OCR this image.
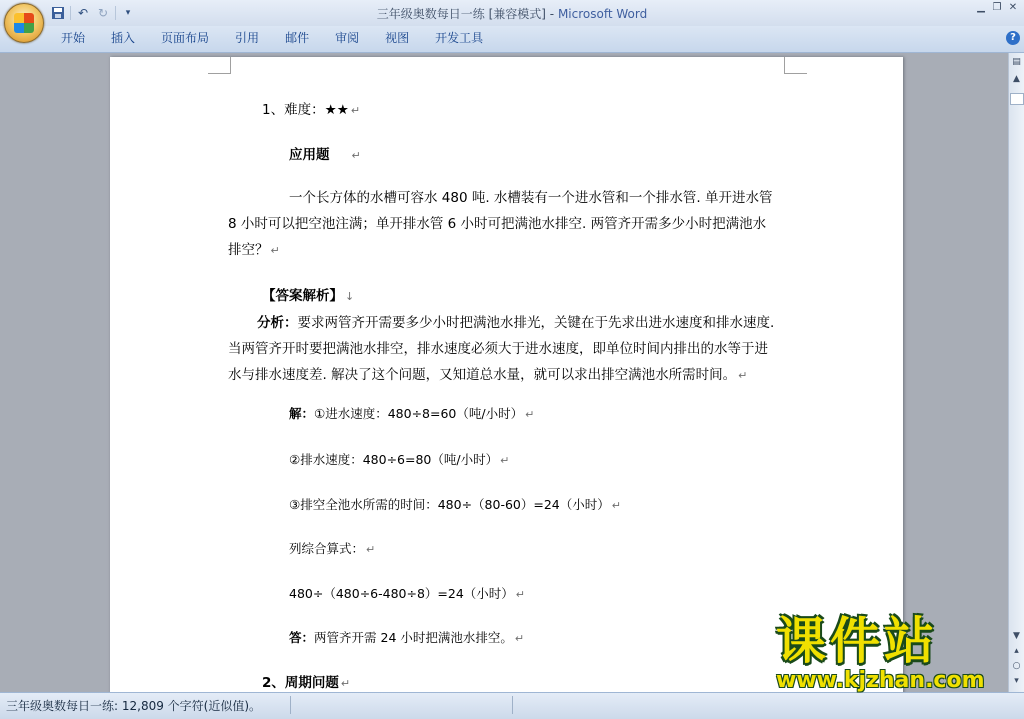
↶ ↻	▾	三年级奥数每日一练 [兼容模式] - Microsoft Word	▁ ❐ ✕
开始	插入	页面布局	引用	邮件	审阅	视图	开发工具	?
1、难度：★★ ↵
应用题 ↵
一个长方体的水槽可容水 480 吨. 水槽装有一个进水管和一个排水管. 单开进水管
8 小时可以把空池注满；单开排水管 6 小时可把满池水排空. 两管齐开需多少小时把满池水
排空？ ↵
【答案解析】 ↓
分析：要求两管齐开需要多少小时把满池水排光，关键在于先求出进水速度和排水速度.
当两管齐开时要把满池水排空，排水速度必须大于进水速度，即单位时间内排出的水等于进
水与排水速度差. 解决了这个问题，又知道总水量，就可以求出排空满池水所需时间。 ↵
解：①进水速度：480÷8=60（吨/小时） ↵
②排水速度：480÷6=80（吨/小时） ↵
③排空全池水所需的时间：480÷（80-60）=24（小时） ↵
列综合算式： ↵
480÷（480÷6-480÷8）=24（小时） ↵
答：两管齐开需 24 小时把满池水排空。 ↵
2、周期问题 ↵
▤
▲
▼
▴
○
▾
三年级奥数每日一练: 12,809 个字符(近似值)。
课件站
www.kjzhan.com
